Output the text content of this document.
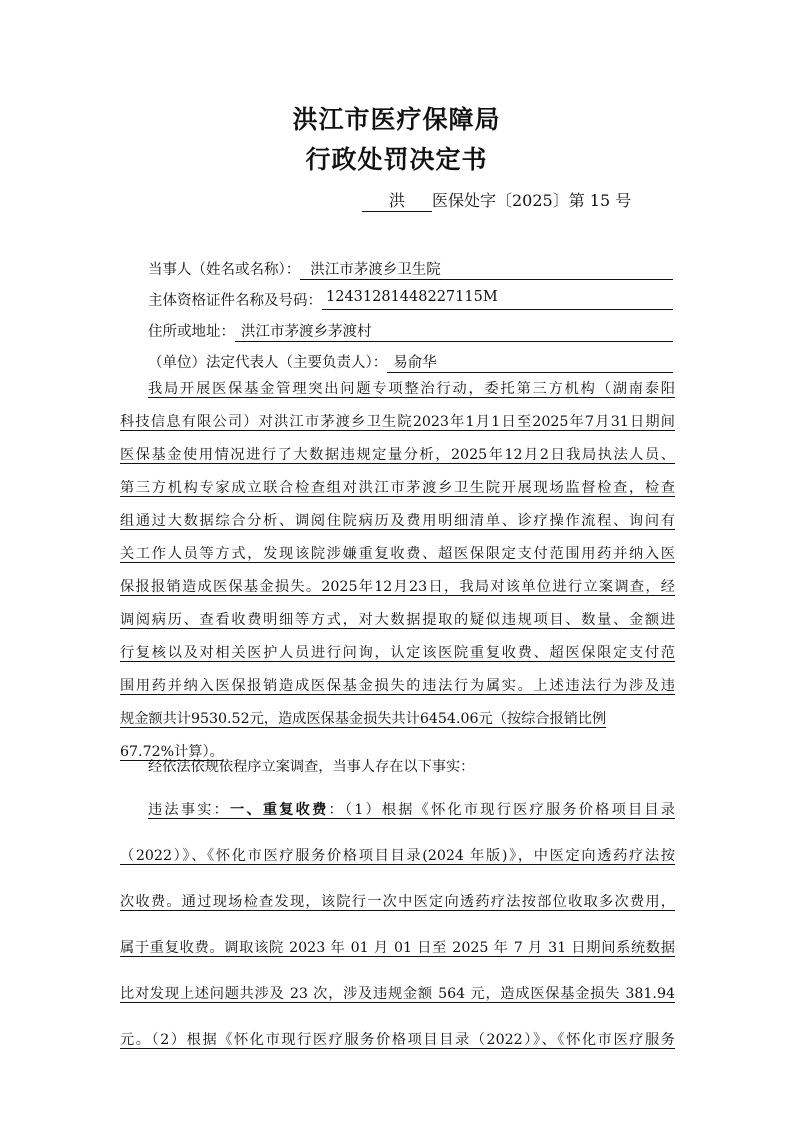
洪江市医疗保障局
行政处罚决定书
洪 医保处字〔2025〕第 15 号
当事人（姓名或名称）： 洪江市茅渡乡卫生院
主体资格证件名称及号码： 12431281448227115M
住所或地址： 洪江市茅渡乡茅渡村
（单位）法定代表人（主要负责人）： 易俞华
我局开展医保基金管理突出问题专项整治行动，委托第三方机构（湖南泰阳
科技信息有限公司）对洪江市茅渡乡卫生院2023年1月1日至2025年7月31日期间
医保基金使用情况进行了大数据违规定量分析，2025年12月2日我局执法人员、
第三方机构专家成立联合检查组对洪江市茅渡乡卫生院开展现场监督检查，检查
组通过大数据综合分析、调阅住院病历及费用明细清单、诊疗操作流程、询问有
关工作人员等方式，发现该院涉嫌重复收费、超医保限定支付范围用药并纳入医
保报报销造成医保基金损失。2025年12月23日，我局对该单位进行立案调查，经
调阅病历、查看收费明细等方式，对大数据提取的疑似违规项目、数量、金额进
行复核以及对相关医护人员进行问询，认定该医院重复收费、超医保限定支付范
围用药并纳入医保报销造成医保基金损失的违法行为属实。上述违法行为涉及违
规金额共计9530.52元，造成医保基金损失共计6454.06元（按综合报销比例
67.72%计算）。
经依法依规依程序立案调查，当事人存在以下事实：
违法事实：一、重复收费：（1）根据《怀化市现行医疗服务价格项目目录
（2022）》、《怀化市医疗服务价格项目目录(2024 年版)》，中医定向透药疗法按
次收费。通过现场检查发现，该院行一次中医定向透药疗法按部位收取多次费用，
属于重复收费。调取该院 2023 年 01 月 01 日至 2025 年 7 月 31 日期间系统数据
比对发现上述问题共涉及 23 次，涉及违规金额 564 元，造成医保基金损失 381.94
元。（2）根据《怀化市现行医疗服务价格项目目录（2022）》、《怀化市医疗服务
